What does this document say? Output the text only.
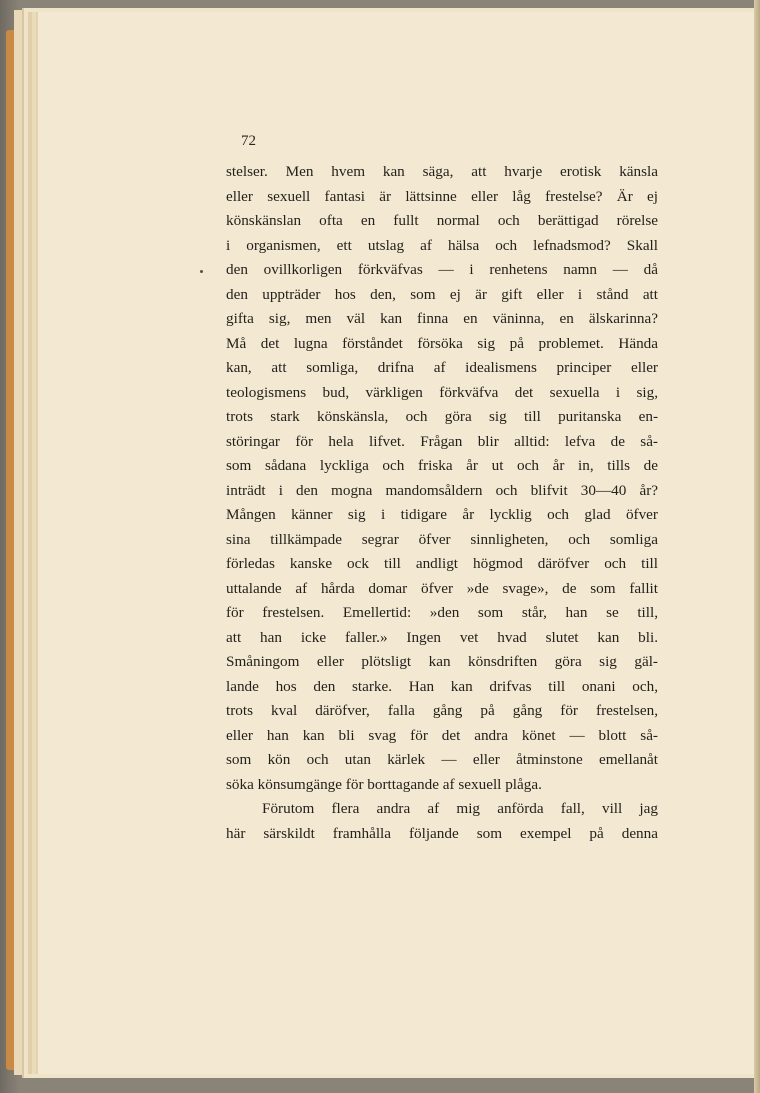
72
stelser. Men hvem kan säga, att hvarje erotisk känsla
eller sexuell fantasi är lättsinne eller låg frestelse? Är ej
könskänslan ofta en fullt normal och berättigad rörelse
i organismen, ett utslag af hälsa och lefnadsmod? Skall
den ovillkorligen förkväfvas — i renhetens namn — då
den uppträder hos den, som ej är gift eller i stånd att
gifta sig, men väl kan finna en väninna, en älskarinna?
Må det lugna förståndet försöka sig på problemet. Hända
kan, att somliga, drifna af idealismens principer eller
teologismens bud, värkligen förkväfva det sexuella i sig,
trots stark könskänsla, och göra sig till puritanska en-
störingar för hela lifvet. Frågan blir alltid: lefva de så-
som sådana lyckliga och friska år ut och år in, tills de
inträdt i den mogna mandomsåldern och blifvit 30—40 år?
Mången känner sig i tidigare år lycklig och glad öfver
sina tillkämpade segrar öfver sinnligheten, och somliga
förledas kanske ock till andligt högmod däröfver och till
uttalande af hårda domar öfver »de svage», de som fallit
för frestelsen. Emellertid: »den som står, han se till,
att han icke faller.» Ingen vet hvad slutet kan bli.
Småningom eller plötsligt kan könsdriften göra sig gäl-
lande hos den starke. Han kan drifvas till onani och,
trots kval däröfver, falla gång på gång för frestelsen,
eller han kan bli svag för det andra könet — blott så-
som kön och utan kärlek — eller åtminstone emellanåt
söka könsumgänge för borttagande af sexuell plåga.
Förutom flera andra af mig anförda fall, vill jag
här särskildt framhålla följande som exempel på denna
